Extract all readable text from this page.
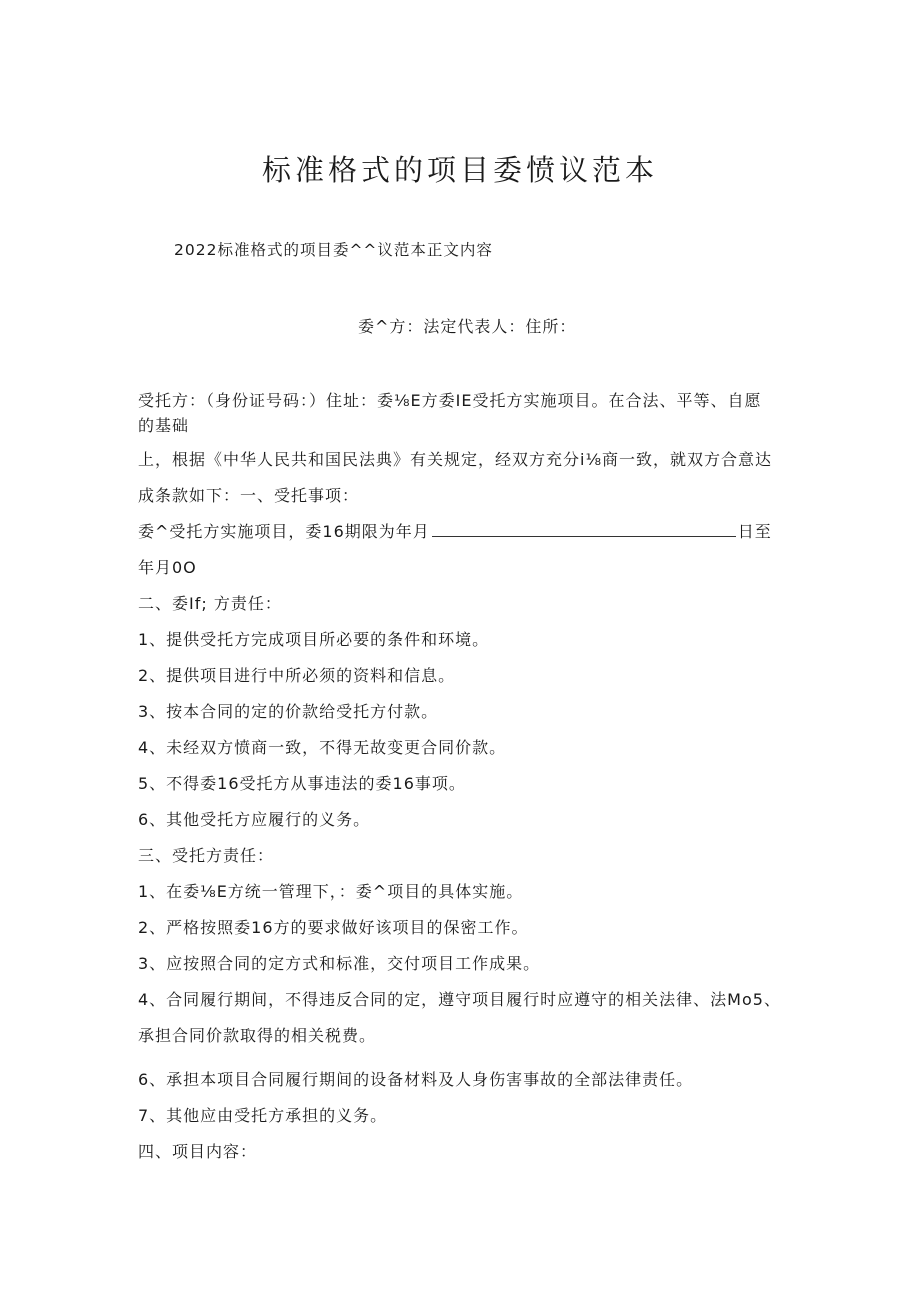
标准格式的项目委愤议范本
2022标准格式的项目委^^议范本正文内容
委^方：法定代表人：住所：
受托方：（身份证号码：）住址：委⅛E方委IE受托方实施项目。在合法、平等、自愿
的基础
上，根据《中华人民共和国民法典》有关规定，经双方充分i⅛商一致，就双方合意达
成条款如下：一、受托事项：
委^受托方实施项目，委16期限为年月	日至
年月0O
二、委If; 方责任：
1、提供受托方完成项目所必要的条件和环境。
2、提供项目进行中所必须的资料和信息。
3、按本合同的定的价款给受托方付款。
4、未经双方愤商一致，不得无故变更合同价款。
5、不得委16受托方从事违法的委16事项。
6、其他受托方应履行的义务。
三、受托方责任：
1、在委⅛E方统一管理下，：委^项目的具体实施。
2、严格按照委16方的要求做好该项目的保密工作。
3、应按照合同的定方式和标准，交付项目工作成果。
4、合同履行期间，不得违反合同的定，遵守项目履行时应遵守的相关法律、法Mo5、
承担合同价款取得的相关税费。
6、承担本项目合同履行期间的设备材料及人身伤害事故的全部法律责任。
7、其他应由受托方承担的义务。
四、项目内容：
